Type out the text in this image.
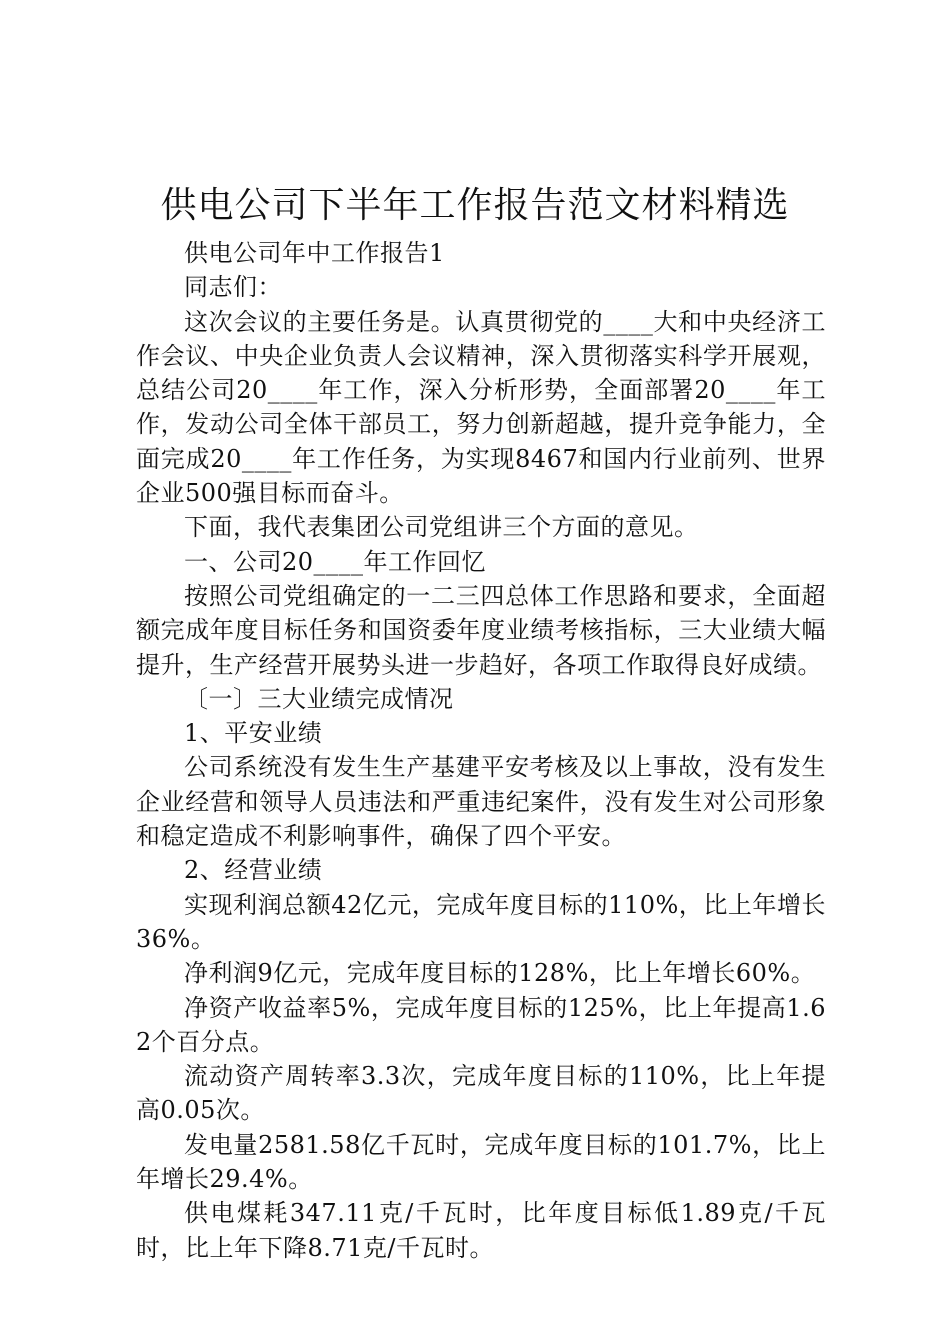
供电公司下半年工作报告范文材料精选

供电公司年中工作报告1

同志们：

这次会议的主要任务是。认真贯彻党的____大和中央经济工作会议、中央企业负责人会议精神，深入贯彻落实科学开展观，总结公司20____年工作，深入分析形势，全面部署20____年工作，发动公司全体干部员工，努力创新超越，提升竞争能力，全面完成20____年工作任务，为实现8467和国内行业前列、世界企业500强目标而奋斗。

下面，我代表集团公司党组讲三个方面的意见。

一、公司20____年工作回忆

按照公司党组确定的一二三四总体工作思路和要求，全面超额完成年度目标任务和国资委年度业绩考核指标，三大业绩大幅提升，生产经营开展势头进一步趋好，各项工作取得良好成绩。

〔一〕三大业绩完成情况

1、平安业绩

公司系统没有发生生产基建平安考核及以上事故，没有发生企业经营和领导人员违法和严重违纪案件，没有发生对公司形象和稳定造成不利影响事件，确保了四个平安。

2、经营业绩

实现利润总额42亿元，完成年度目标的110%，比上年增长36%。

净利润9亿元，完成年度目标的128%，比上年增长60%。

净资产收益率5%，完成年度目标的125%，比上年提高1.62个百分点。

流动资产周转率3.3次，完成年度目标的110%，比上年提高0.05次。

发电量2581.58亿千瓦时，完成年度目标的101.7%，比上年增长29.4%。

供电煤耗347.11克/千瓦时，比年度目标低1.89克/千瓦时，比上年下降8.71克/千瓦时。
